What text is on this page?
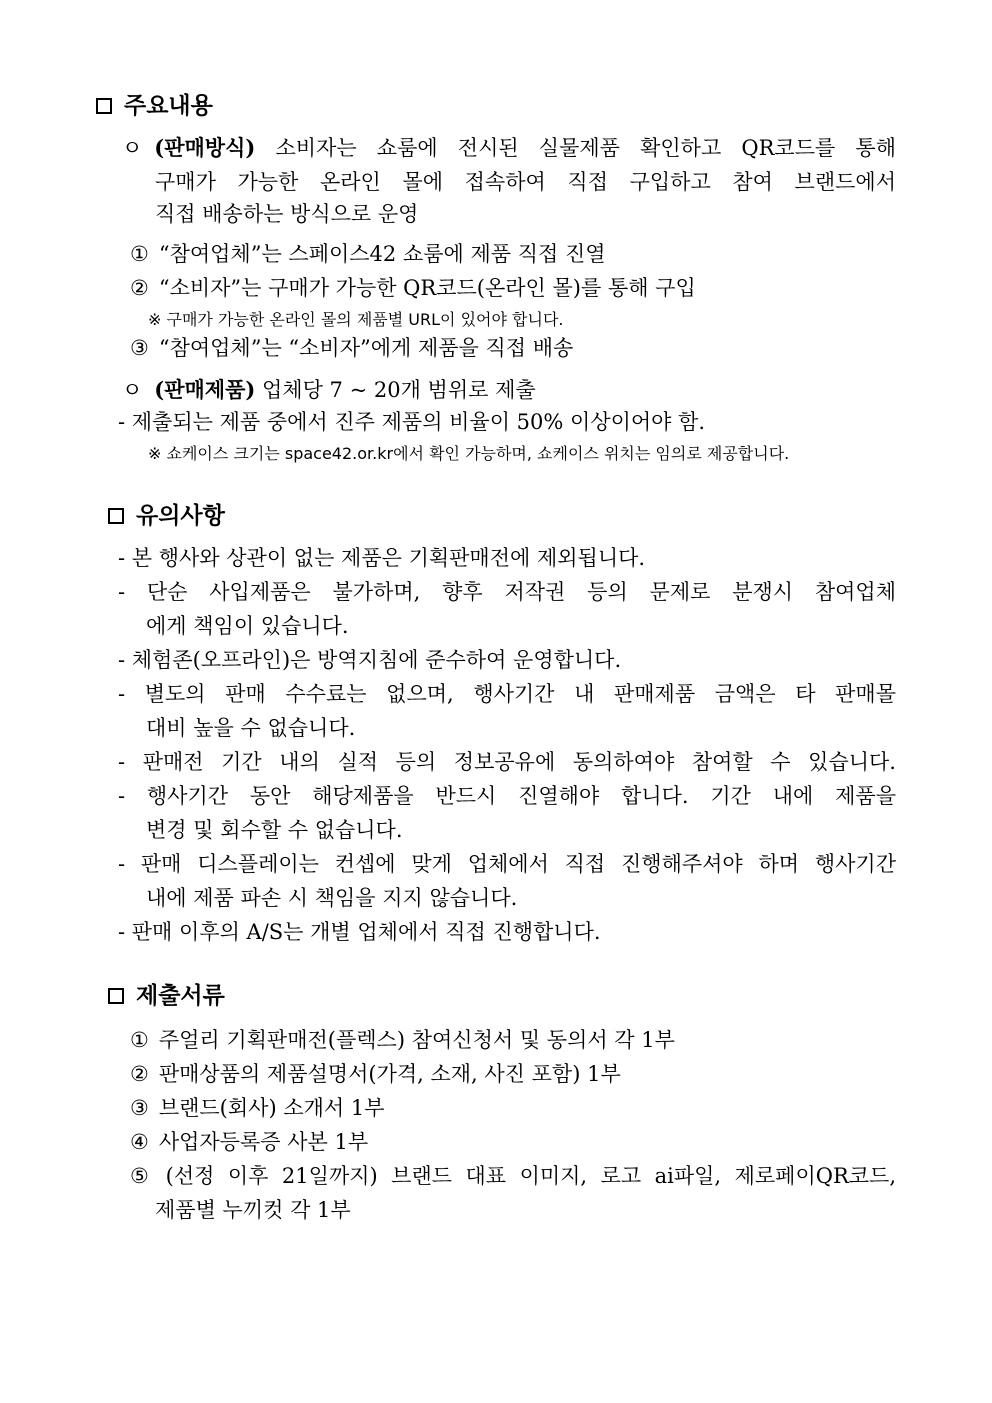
주요내용
ㅇ (판매방식) 소비자는 쇼룸에 전시된 실물제품 확인하고 QR코드를 통해
구매가 가능한 온라인 몰에 접속하여 직접 구입하고 참여 브랜드에서
직접 배송하는 방식으로 운영
① “참여업체”는 스페이스42 쇼룸에 제품 직접 진열
② “소비자”는 구매가 가능한 QR코드(온라인 몰)를 통해 구입
※ 구매가 가능한 온라인 몰의 제품별 URL이 있어야 합니다.
③ “참여업체”는 “소비자”에게 제품을 직접 배송
ㅇ (판매제품) 업체당 7 ~ 20개 범위로 제출
- 제출되는 제품 중에서 진주 제품의 비율이 50% 이상이어야 함.
※ 쇼케이스 크기는 space42.or.kr에서 확인 가능하며, 쇼케이스 위치는 임의로 제공합니다.
유의사항
- 본 행사와 상관이 없는 제품은 기획판매전에 제외됩니다.
- 단순 사입제품은 불가하며, 향후 저작권 등의 문제로 분쟁시 참여업체
에게 책임이 있습니다.
- 체험존(오프라인)은 방역지침에 준수하여 운영합니다.
- 별도의 판매 수수료는 없으며, 행사기간 내 판매제품 금액은 타 판매몰
대비 높을 수 없습니다.
- 판매전 기간 내의 실적 등의 정보공유에 동의하여야 참여할 수 있습니다.
- 행사기간 동안 해당제품을 반드시 진열해야 합니다. 기간 내에 제품을
변경 및 회수할 수 없습니다.
- 판매 디스플레이는 컨셉에 맞게 업체에서 직접 진행해주셔야 하며 행사기간
내에 제품 파손 시 책임을 지지 않습니다.
- 판매 이후의 A/S는 개별 업체에서 직접 진행합니다.
제출서류
① 주얼리 기획판매전(플렉스) 참여신청서 및 동의서 각 1부
② 판매상품의 제품설명서(가격, 소재, 사진 포함) 1부
③ 브랜드(회사) 소개서 1부
④ 사업자등록증 사본 1부
⑤ (선정 이후 21일까지) 브랜드 대표 이미지, 로고 ai파일, 제로페이QR코드,
제품별 누끼컷 각 1부
